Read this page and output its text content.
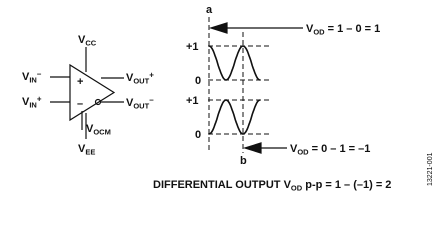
$V_{CC}$
$V_{EE}$
$V_{IN}^-$
$V_{IN}^+$
$V_{OUT}^+$
$V_{OUT}^-$
$V_{OCM}$
+
–
+1
0
+1
0
a
b
$V_{OD} = 1 - 0 = 1$
$V_{OD} = 0 - 1 = -1$
DIFFERENTIAL OUTPUT $V_{OD}$ p-p = 1 – (–1) = 2	13221-001
